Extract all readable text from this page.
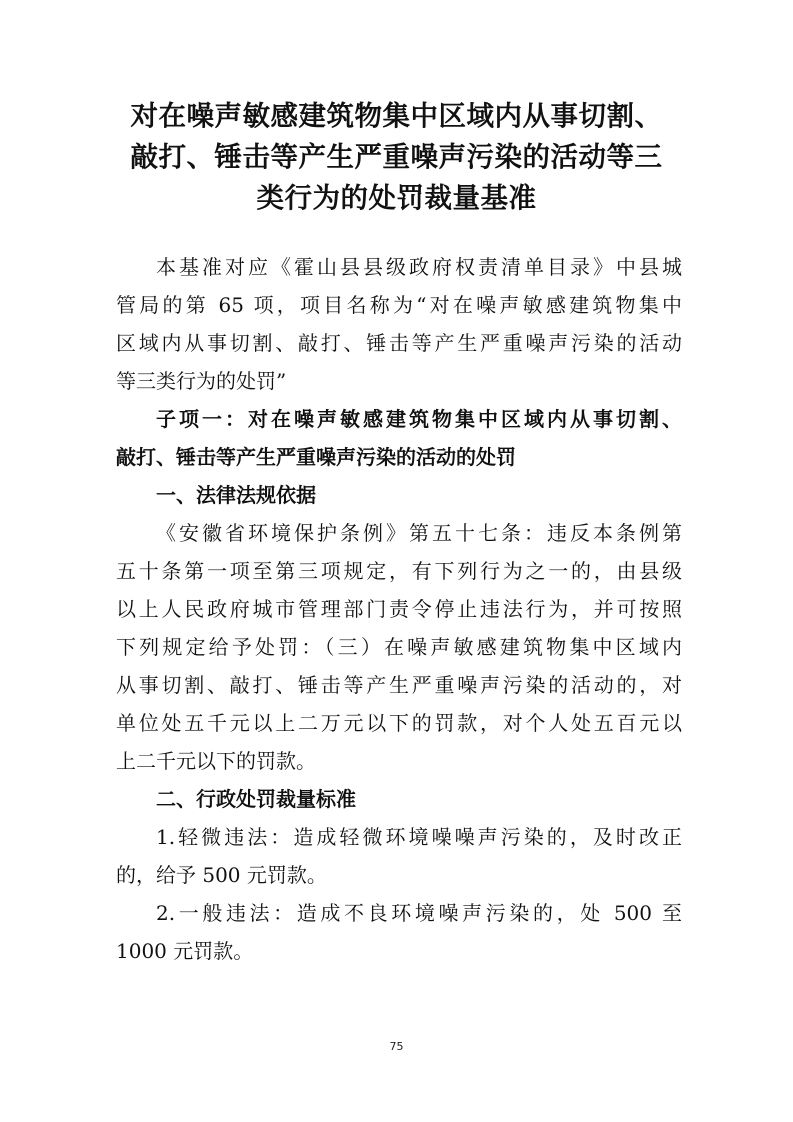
对在噪声敏感建筑物集中区域内从事切割、
敲打、锤击等产生严重噪声污染的活动等三
类行为的处罚裁量基准
本基准对应《霍山县县级政府权责清单目录》中县城
管局的第 65 项，项目名称为“对在噪声敏感建筑物集中
区域内从事切割、敲打、锤击等产生严重噪声污染的活动
等三类行为的处罚”
子项一：对在噪声敏感建筑物集中区域内从事切割、
敲打、锤击等产生严重噪声污染的活动的处罚
一、法律法规依据
《安徽省环境保护条例》第五十七条：违反本条例第
五十条第一项至第三项规定，有下列行为之一的，由县级
以上人民政府城市管理部门责令停止违法行为，并可按照
下列规定给予处罚：（三）在噪声敏感建筑物集中区域内
从事切割、敲打、锤击等产生严重噪声污染的活动的，对
单位处五千元以上二万元以下的罚款，对个人处五百元以
上二千元以下的罚款。
二、行政处罚裁量标准
1.轻微违法：造成轻微环境噪噪声污染的，及时改正
的，给予 500 元罚款。
2.一般违法：造成不良环境噪声污染的，处 500 至
1000 元罚款。
75
